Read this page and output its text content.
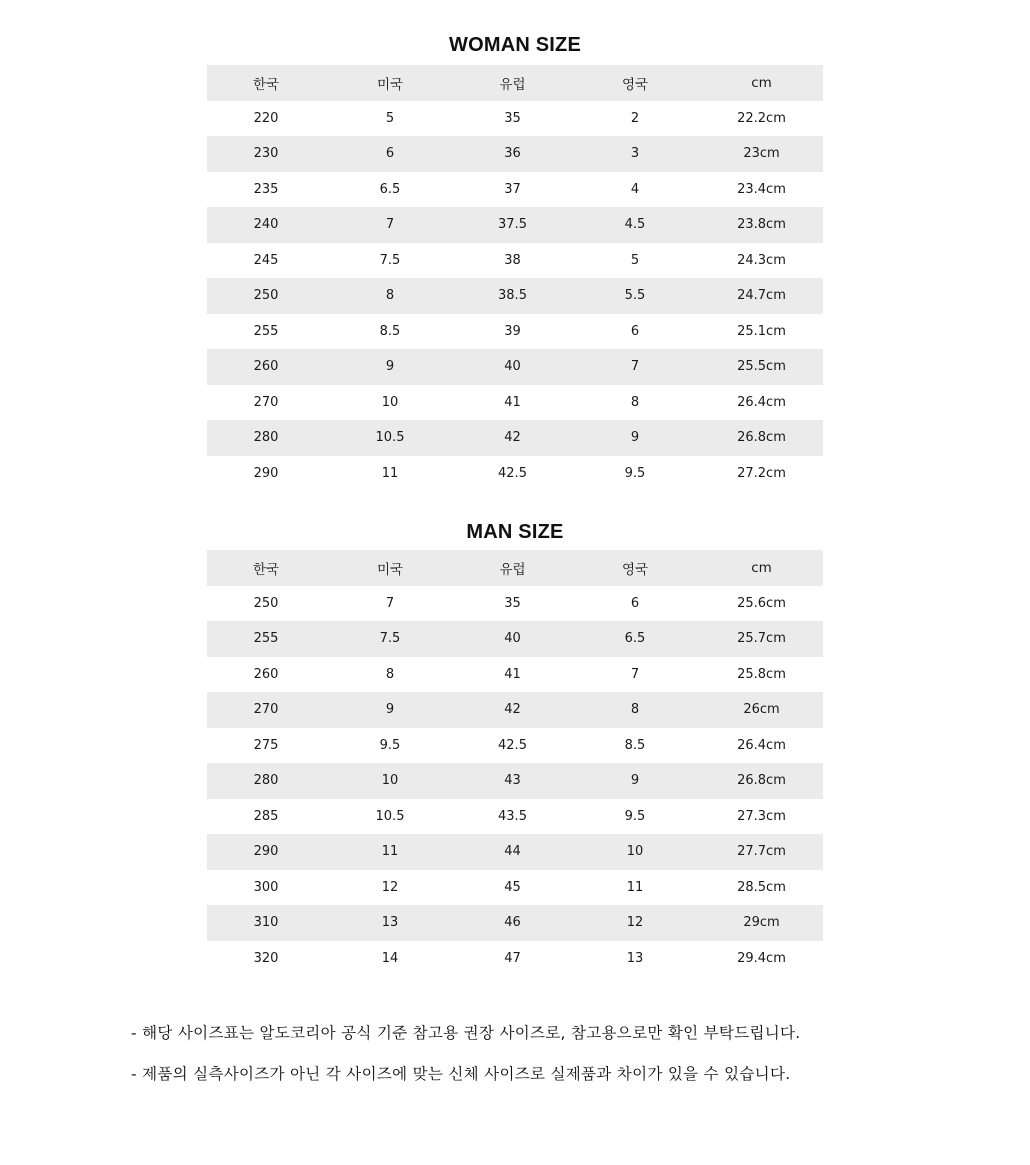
WOMAN SIZE
한국	미국	유럽	영국	cm
220	5	35	2	22.2cm
230	6	36	3	23cm
235	6.5	37	4	23.4cm
240	7	37.5	4.5	23.8cm
245	7.5	38	5	24.3cm
250	8	38.5	5.5	24.7cm
255	8.5	39	6	25.1cm
260	9	40	7	25.5cm
270	10	41	8	26.4cm
280	10.5	42	9	26.8cm
290	11	42.5	9.5	27.2cm
MAN SIZE
한국	미국	유럽	영국	cm
250	7	35	6	25.6cm
255	7.5	40	6.5	25.7cm
260	8	41	7	25.8cm
270	9	42	8	26cm
275	9.5	42.5	8.5	26.4cm
280	10	43	9	26.8cm
285	10.5	43.5	9.5	27.3cm
290	11	44	10	27.7cm
300	12	45	11	28.5cm
310	13	46	12	29cm
320	14	47	13	29.4cm
- 해당 사이즈표는 알도코리아 공식 기준 참고용 권장 사이즈로, 참고용으로만 확인 부탁드립니다.
- 제품의 실측사이즈가 아닌 각 사이즈에 맞는 신체 사이즈로 실제품과 차이가 있을 수 있습니다.
